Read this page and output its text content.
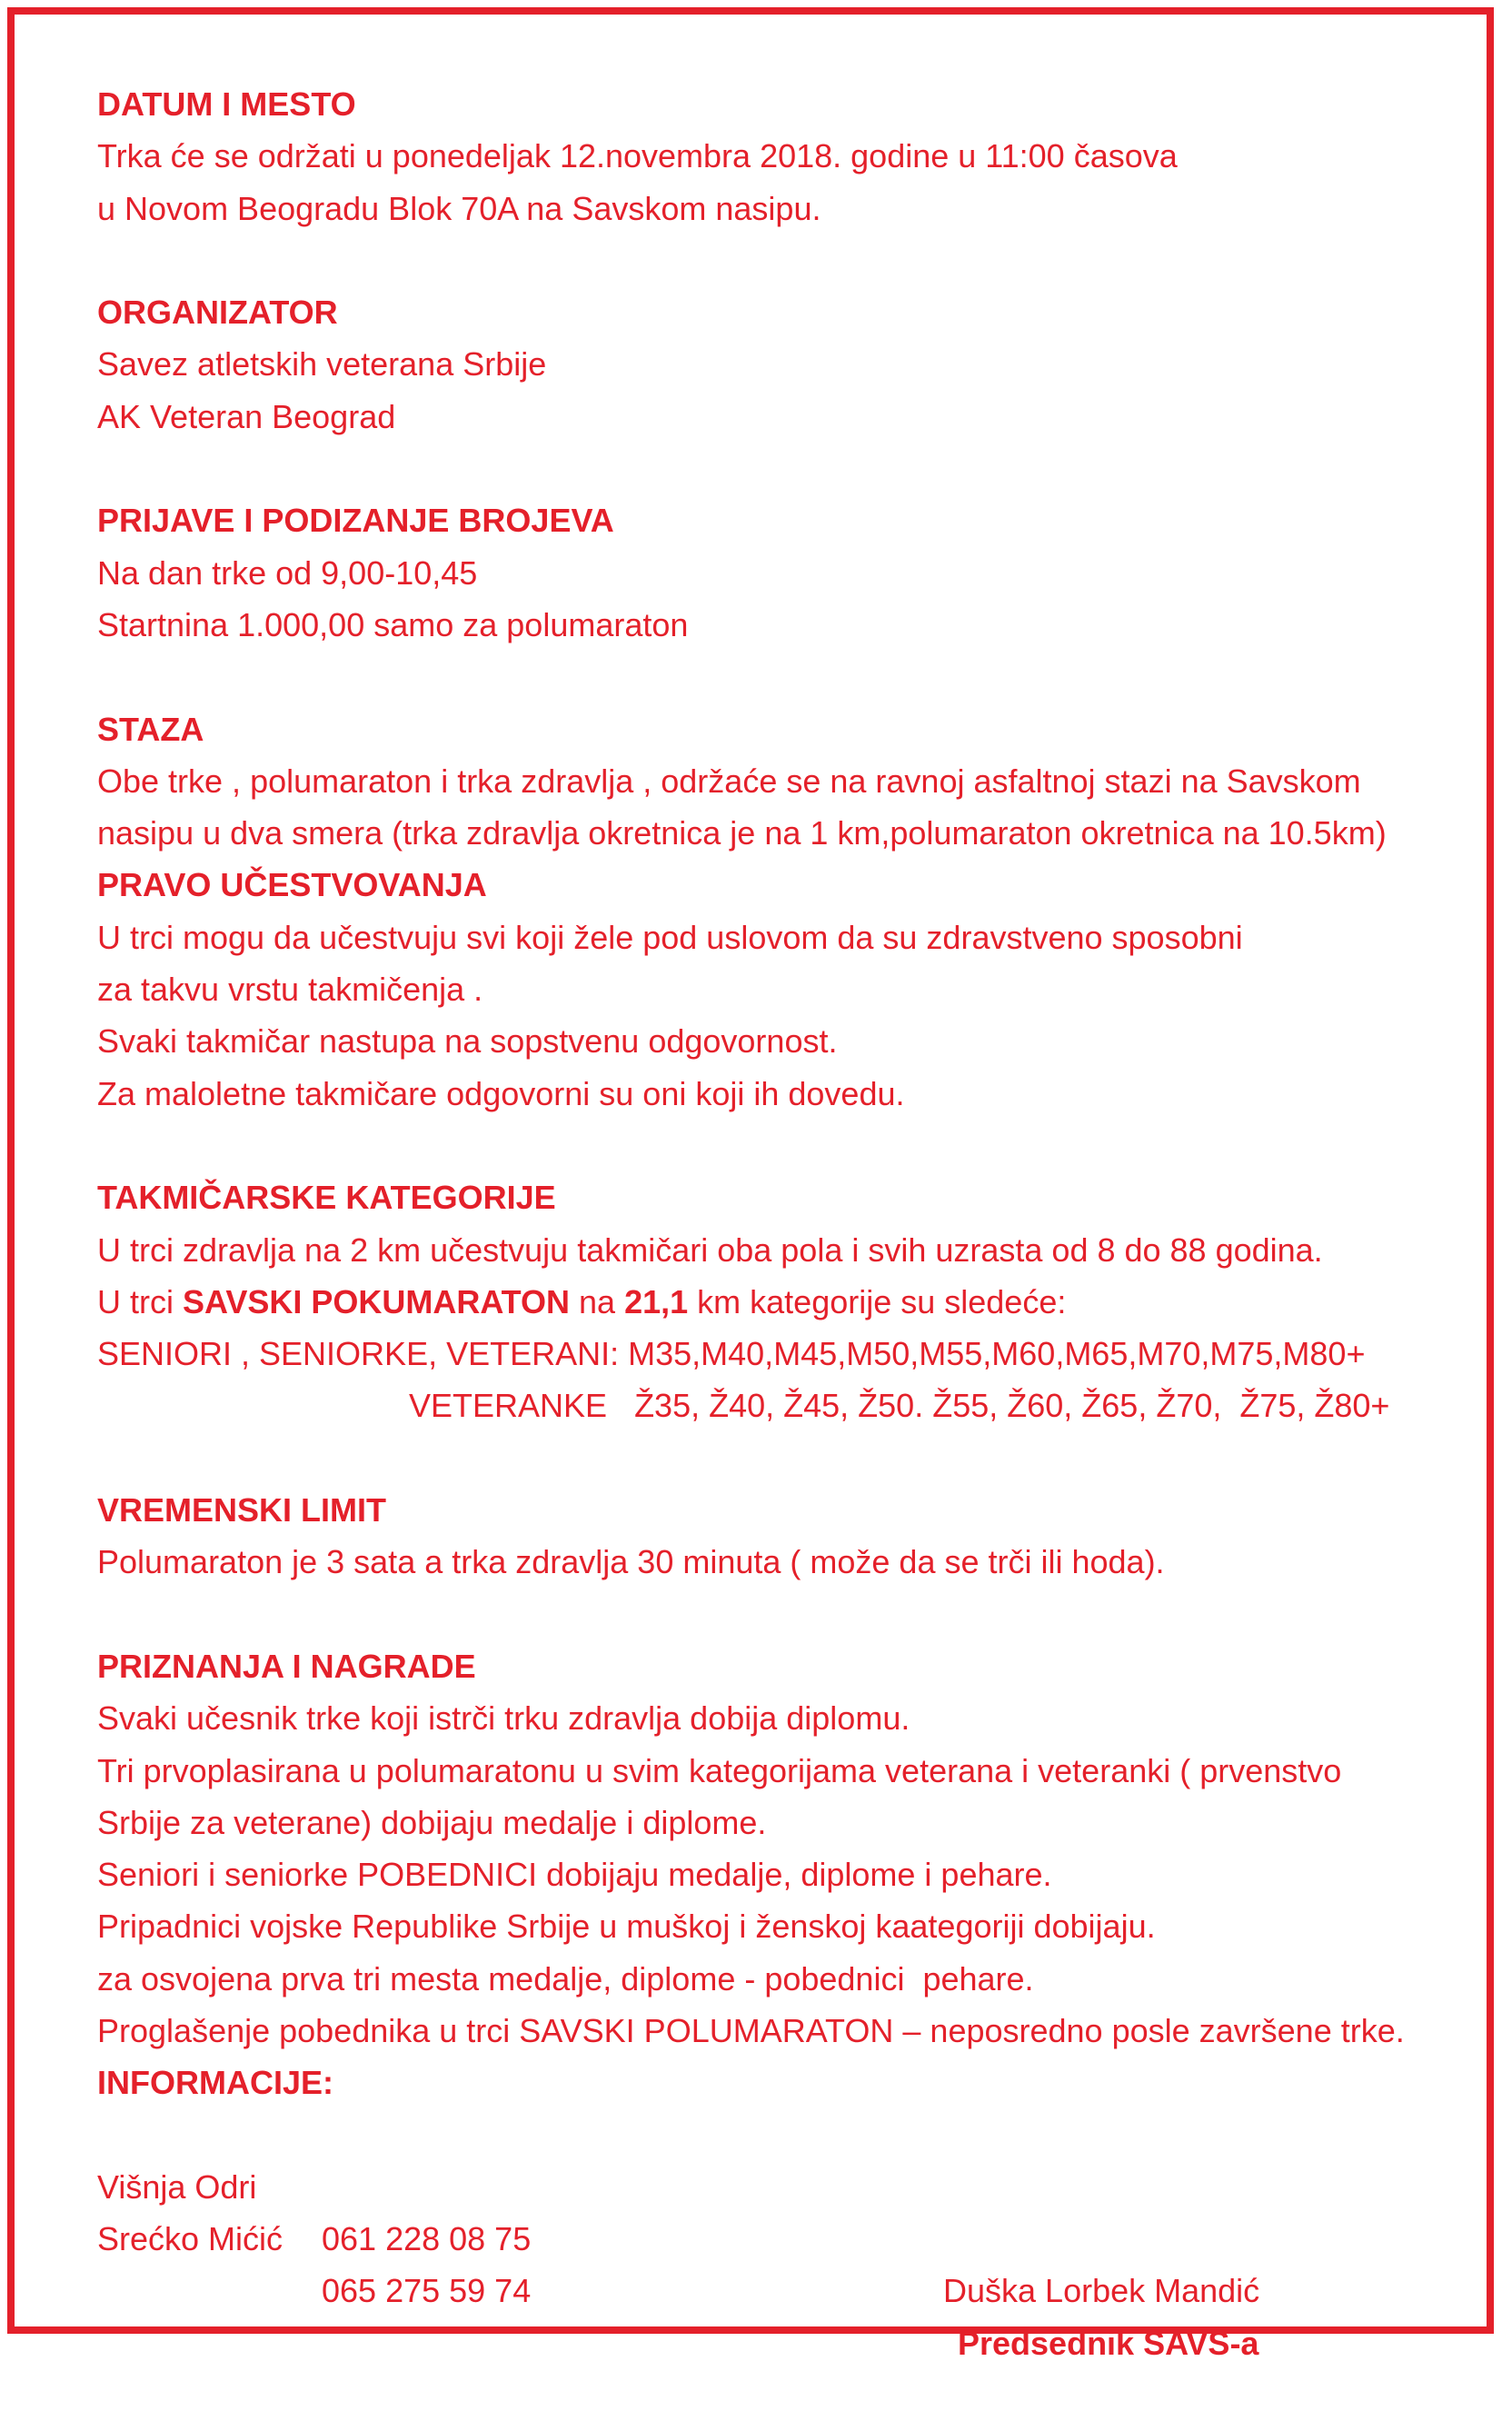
DATUM I MESTO
Trka će se održati u ponedeljak 12.novembra 2018. godine u 11:00 časova
u Novom Beogradu Blok 70A na Savskom nasipu.
ORGANIZATOR
Savez atletskih veterana Srbije
AK Veteran Beograd
PRIJAVE I PODIZANJE BROJEVA
Na dan trke od 9,00-10,45
Startnina 1.000,00 samo za polumaraton
STAZA
Obe trke , polumaraton i trka zdravlja , održaće se na ravnoj asfaltnoj stazi na Savskom
nasipu u dva smera (trka zdravlja okretnica je na 1 km,polumaraton okretnica na 10.5km)
PRAVO UČESTVOVANJA
U trci mogu da učestvuju svi koji žele pod uslovom da su zdravstveno sposobni
za takvu vrstu takmičenja .
Svaki takmičar nastupa na sopstvenu odgovornost.
Za maloletne takmičare odgovorni su oni koji ih dovedu.
TAKMIČARSKE KATEGORIJE
U trci zdravlja na 2 km učestvuju takmičari oba pola i svih uzrasta od 8 do 88 godina.
U trci SAVSKI POKUMARATON na 21,1 km kategorije su sledeće:
SENIORI , SENIORKE, VETERANI: M35,M40,M45,M50,M55,M60,M65,M70,M75,M80+
VETERANKE   Ž35, Ž40, Ž45, Ž50. Ž55, Ž60, Ž65, Ž70,  Ž75, Ž80+
VREMENSKI LIMIT
Polumaraton je 3 sata a trka zdravlja 30 minuta ( može da se trči ili hoda).
PRIZNANJA I NAGRADE
Svaki učesnik trke koji istrči trku zdravlja dobija diplomu.
Tri prvoplasirana u polumaratonu u svim kategorijama veterana i veteranki ( prvenstvo
Srbije za veterane) dobijaju medalje i diplome.
Seniori i seniorke POBEDNICI dobijaju medalje, diplome i pehare.
Pripadnici vojske Republike Srbije u muškoj i ženskoj kaategoriji dobijaju.
za osvojena prva tri mesta medalje, diplome - pobednici  pehare.
Proglašenje pobednika u trci SAVSKI POLUMARATON – neposredno posle završene trke.
INFORMACIJE:

Višnja Odri

061 228 08 75

Srećko Mićić

065 275 59 74

Predsednik SAVS-a

Duška Lorbek Mandić
